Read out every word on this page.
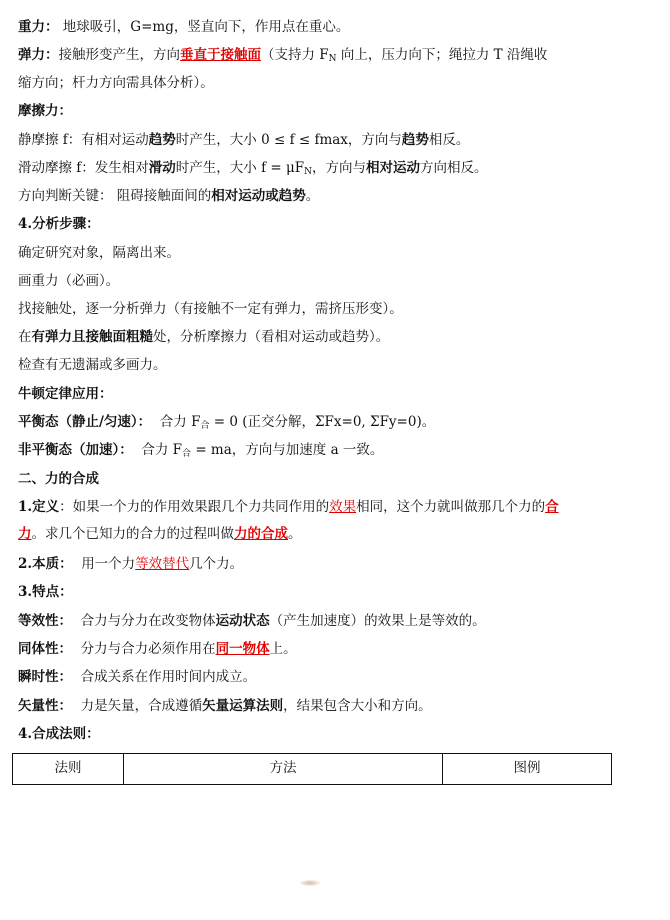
重力： 地球吸引，G=mg，竖直向下，作用点在重心。
弹力：接触形变产生，方向垂直于接触面（支持力 $F_N$ 向上，压力向下；绳拉力 T 沿绳收
缩方向；杆力方向需具体分析）。
摩擦力：
静摩擦 f：有相对运动趋势时产生，大小 0 ≤ f ≤ fmax，方向与趋势相反。
滑动摩擦 f：发生相对滑动时产生，大小 $f = \mu F_N$，方向与相对运动方向相反。
方向判断关键： 阻碍接触面间的相对运动或趋势。
4.分析步骤：
确定研究对象，隔离出来。
画重力（必画）。
找接触处，逐一分析弹力（有接触不一定有弹力，需挤压形变）。
在有弹力且接触面粗糙处，分析摩擦力（看相对运动或趋势）。
检查有无遗漏或多画力。
牛顿定律应用：
平衡态（静止/匀速）： 合力 $F_合 = 0$ (正交分解，ΣFx=0, ΣFy=0)。
非平衡态（加速）： 合力 $F_合$ = ma，方向与加速度 a 一致。
二、力的合成
1.定义：如果一个力的作用效果跟几个力共同作用的效果相同，这个力就叫做那几个力的合
力。求几个已知力的合力的过程叫做力的合成。
2.本质： 用一个力等效替代几个力。
3.特点：
等效性： 合力与分力在改变物体运动状态（产生加速度）的效果上是等效的。
同体性： 分力与合力必须作用在同一物体上。
瞬时性： 合成关系在作用时间内成立。
矢量性： 力是矢量，合成遵循矢量运算法则，结果包含大小和方向。
4.合成法则：
法则	方法	图例
